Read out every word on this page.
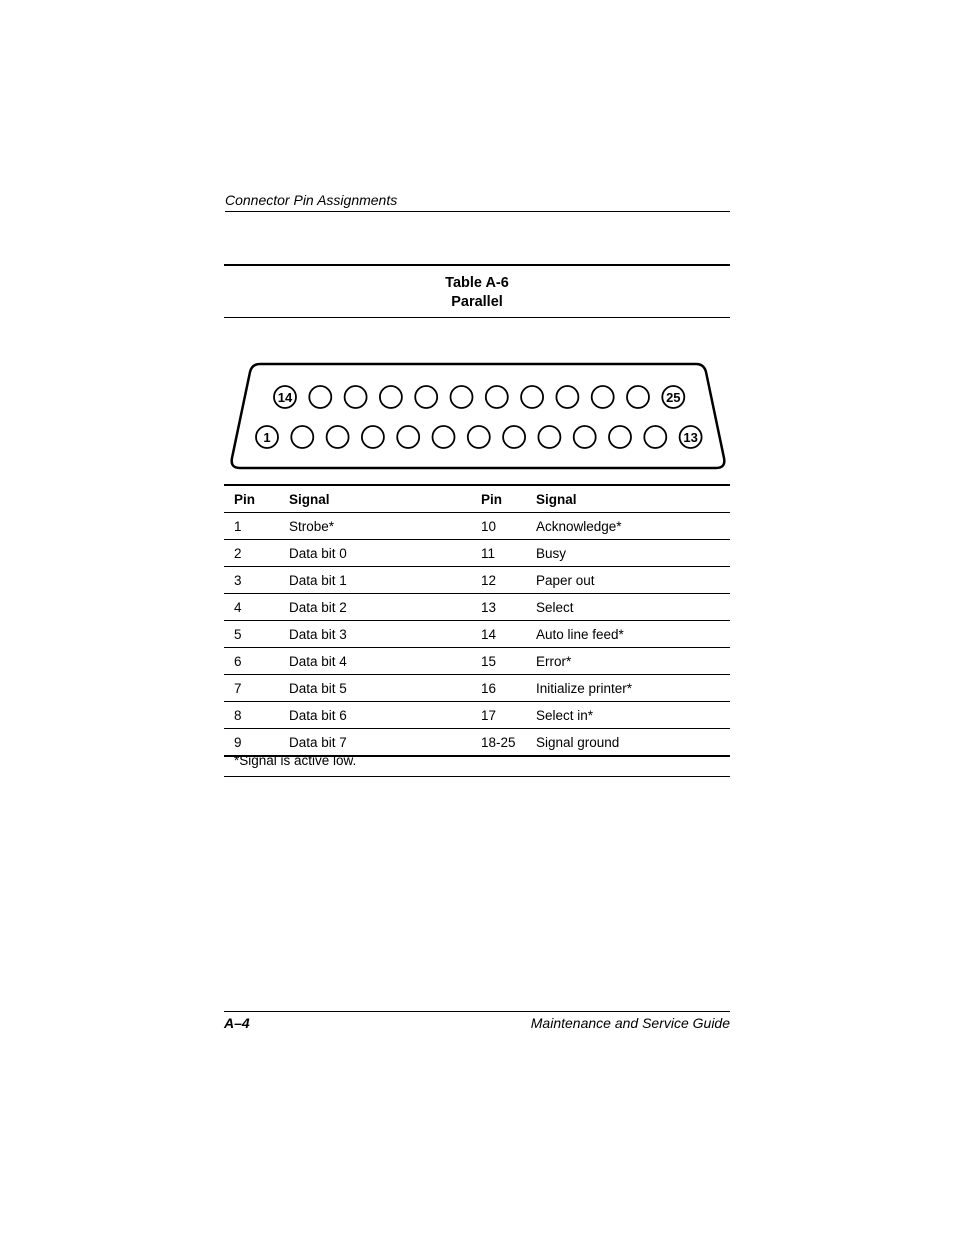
Connector Pin Assignments
Table A-6
Parallel
14	25
1	13
Pin	Signal	Pin	Signal
1	Strobe*	10	Acknowledge*
2	Data bit 0	11	Busy
3	Data bit 1	12	Paper out
4	Data bit 2	13	Select
5	Data bit 3	14	Auto line feed*
6	Data bit 4	15	Error*
7	Data bit 5	16	Initialize printer*
8	Data bit 6	17	Select in*
9	Data bit 7	18-25	Signal ground
*Signal is active low.
A–4	Maintenance and Service Guide
